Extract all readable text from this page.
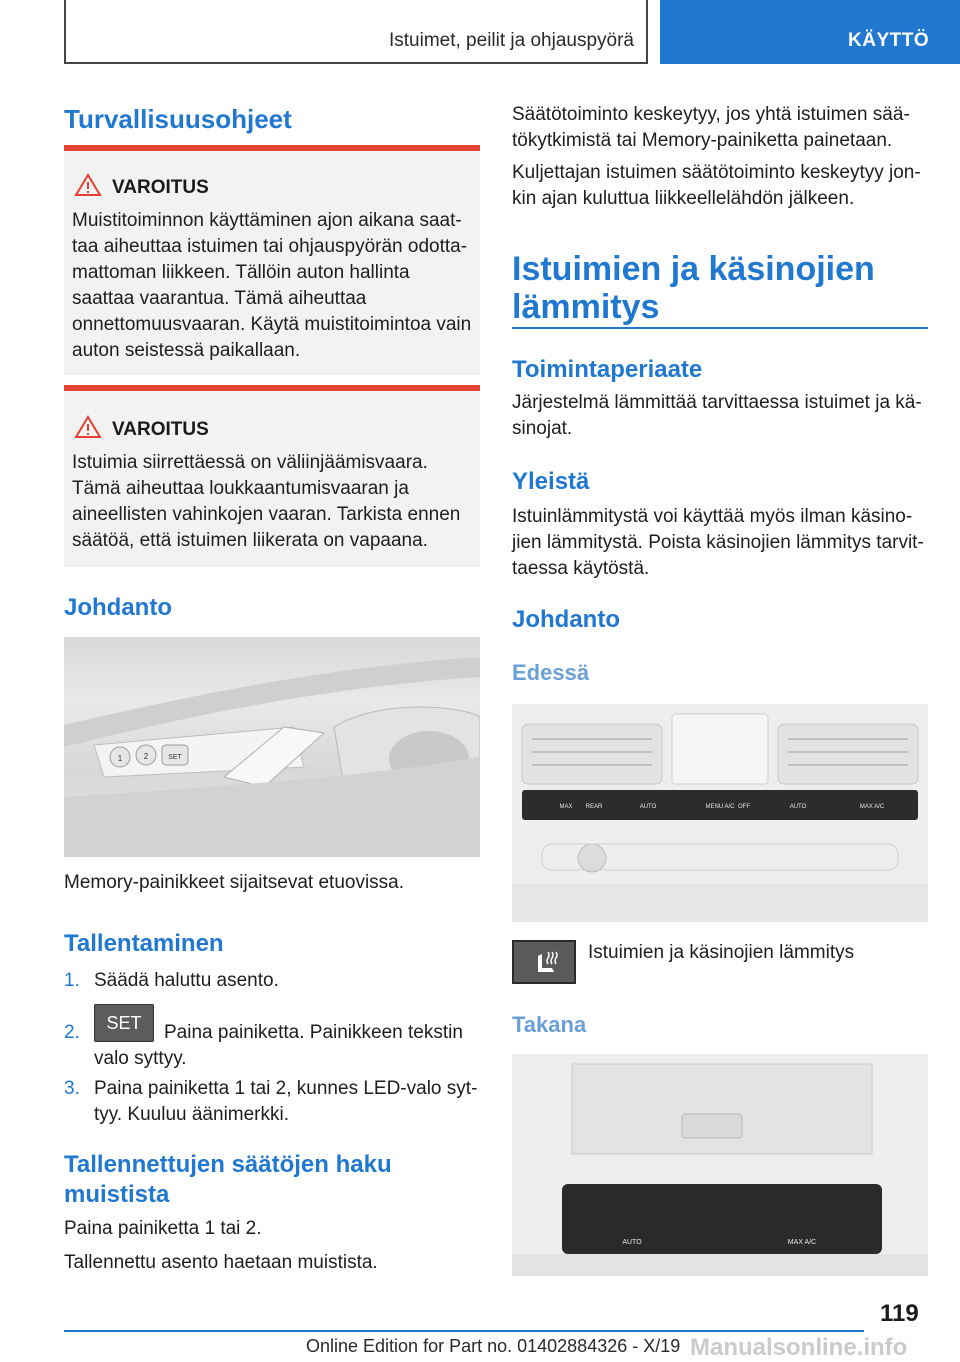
Istuimet, peilit ja ohjauspyörä	KÄYTTÖ
Turvallisuusohjeet
VAROITUS
Muistitoiminnon käyttäminen ajon aikana saattaa aiheuttaa istuimen tai ohjauspyörän odottamattoman liikkeen. Tällöin auton hallinta saattaa vaarantua. Tämä aiheuttaa onnettomuusvaaran. Käytä muistitoimintoa vain auton seistessä paikallaan.
VAROITUS
Istuimia siirrettäessä on väliinjäämisvaara. Tämä aiheuttaa loukkaantumisvaaran ja aineellisten vahinkojen vaaran. Tarkista ennen säätöä, että istuimen liikerata on vapaana.
Johdanto
1	2	SET

Memory-painikkeet sijaitsevat etuovissa.

Tallentaminen
1. Säädä haluttu asento.
2.	SET	Paina painiketta. Painikkeen tekstin valo syttyy.
3. Paina painiketta 1 tai 2, kunnes LED-valo syttyy. Kuuluu äänimerkki.
Tallennettujen säätöjen haku muistista

Paina painiketta 1 tai 2.

Tallennettu asento haetaan muistista.

Säätötoiminto keskeytyy, jos yhtä istuimen säätökytkimistä tai Memory-painiketta painetaan.

Kuljettajan istuimen säätötoiminto keskeytyy jonkin ajan kuluttua liikkeellelähdön jälkeen.

Istuimien ja käsinojien lämmitys
Toimintaperiaate

Järjestelmä lämmittää tarvittaessa istuimet ja käsinojat.

Yleistä

Istuinlämmitystä voi käyttää myös ilman käsinojien lämmitystä. Poista käsinojien lämmitys tarvittaessa käytöstä.

Johdanto
Edessä
MAX REAR	AUTO	MENU A/C OFF	AUTO	MAX A/C

Istuimien ja käsinojien lämmitys

Takana
AUTO	MAX A/C
119
Online Edition for Part no. 01402884326 - X/19 Manualsonline.info
